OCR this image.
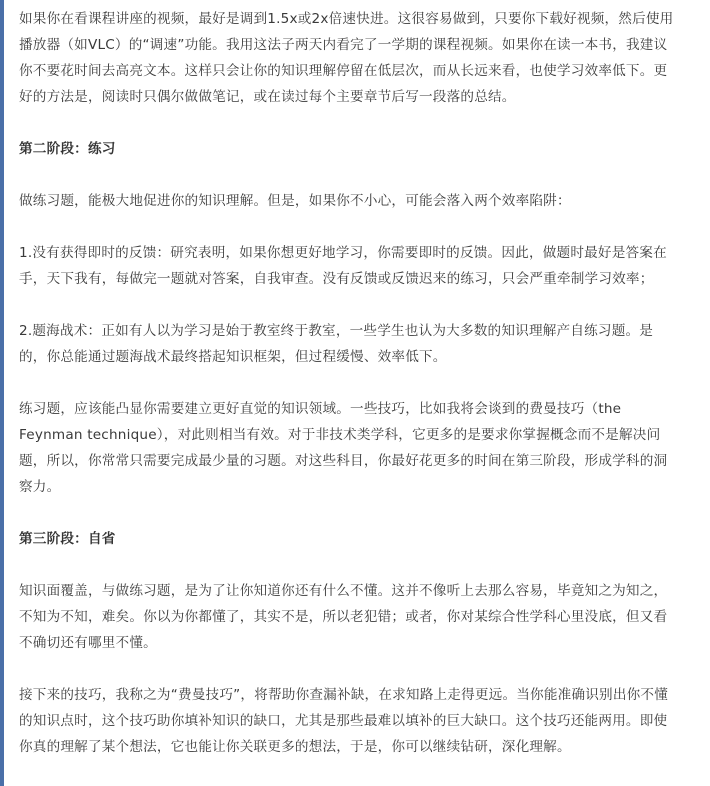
如果你在看课程讲座的视频，最好是调到1.5x或2x倍速快进。这很容易做到，只要你下载好视频，然后使用播放器（如VLC）的“调速”功能。我用这法子两天内看完了一学期的课程视频。如果你在读一本书，我建议你不要花时间去高亮文本。这样只会让你的知识理解停留在低层次，而从长远来看，也使学习效率低下。更好的方法是，阅读时只偶尔做做笔记，或在读过每个主要章节后写一段落的总结。

第二阶段：练习

做练习题，能极大地促进你的知识理解。但是，如果你不小心，可能会落入两个效率陷阱：

1.没有获得即时的反馈：研究表明，如果你想更好地学习，你需要即时的反馈。因此，做题时最好是答案在手，天下我有，每做完一题就对答案，自我审查。没有反馈或反馈迟来的练习，只会严重牵制学习效率；

2.题海战术：正如有人以为学习是始于教室终于教室，一些学生也认为大多数的知识理解产自练习题。是的，你总能通过题海战术最终搭起知识框架，但过程缓慢、效率低下。

练习题，应该能凸显你需要建立更好直觉的知识领域。一些技巧，比如我将会谈到的费曼技巧（the Feynman technique），对此则相当有效。对于非技术类学科，它更多的是要求你掌握概念而不是解决问题，所以，你常常只需要完成最少量的习题。对这些科目，你最好花更多的时间在第三阶段，形成学科的洞察力。

第三阶段：自省

知识面覆盖，与做练习题，是为了让你知道你还有什么不懂。这并不像听上去那么容易，毕竟知之为知之，不知为不知，难矣。你以为你都懂了，其实不是，所以老犯错；或者，你对某综合性学科心里没底，但又看不确切还有哪里不懂。

接下来的技巧，我称之为“费曼技巧”，将帮助你查漏补缺，在求知路上走得更远。当你能准确识别出你不懂的知识点时，这个技巧助你填补知识的缺口，尤其是那些最难以填补的巨大缺口。这个技巧还能两用。即使你真的理解了某个想法，它也能让你关联更多的想法，于是，你可以继续钻研，深化理解。
